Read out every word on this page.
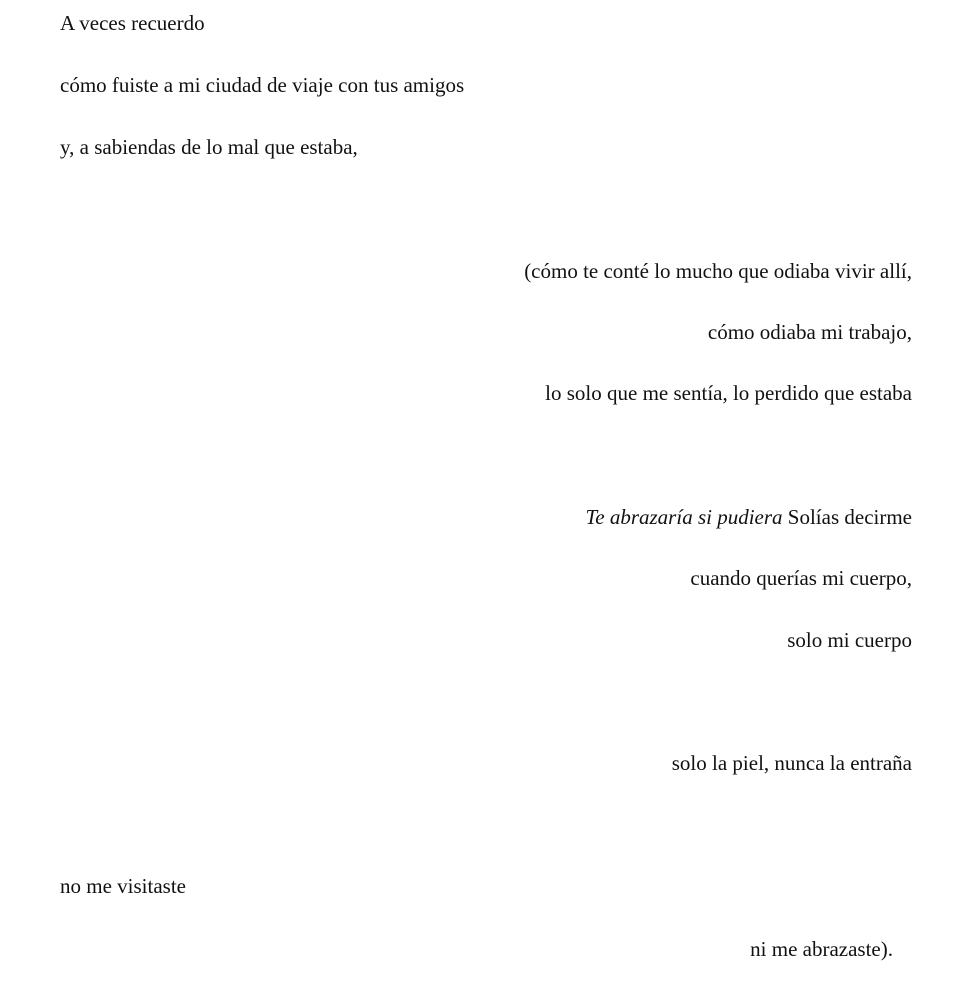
A veces recuerdo
cómo fuiste a mi ciudad de viaje con tus amigos
y, a sabiendas de lo mal que estaba,
(cómo te conté lo mucho que odiaba vivir allí,
cómo odiaba mi trabajo,
lo solo que me sentía, lo perdido que estaba
Te abrazaría si pudiera Solías decirme
cuando querías mi cuerpo,
solo mi cuerpo
solo la piel, nunca la entraña
no me visitaste
ni me abrazaste).
